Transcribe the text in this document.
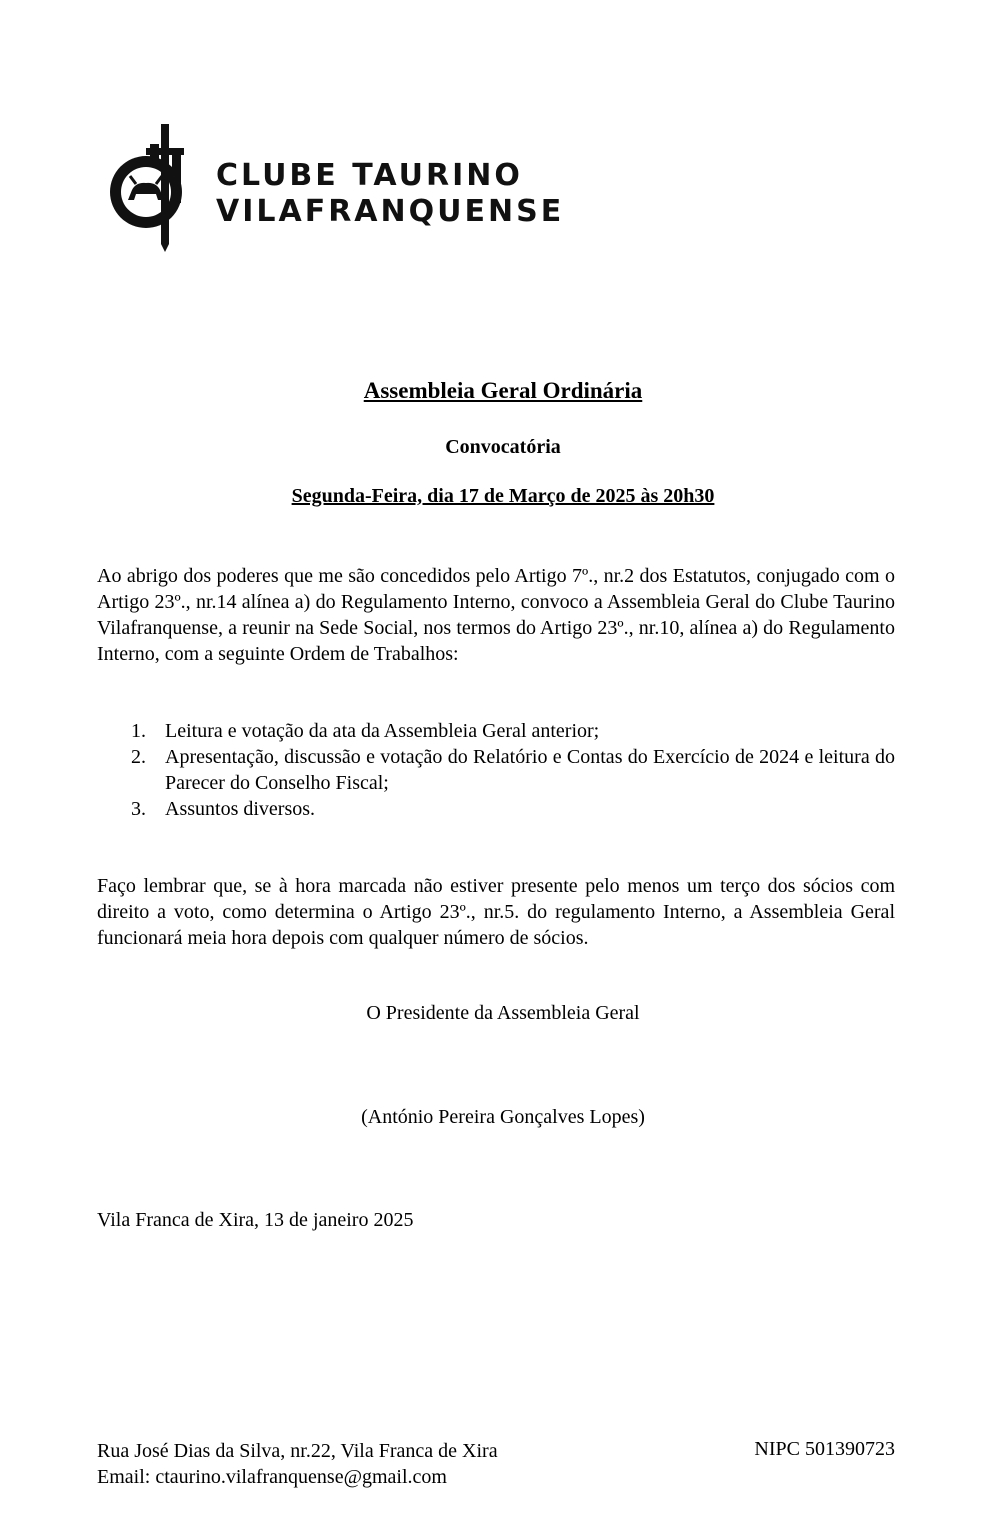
CLUBE TAURINO
VILAFRANQUENSE
Assembleia Geral Ordinária
Convocatória
Segunda-Feira, dia 17 de Março de 2025 às 20h30
Ao abrigo dos poderes que me são concedidos pelo Artigo 7º., nr.2 dos Estatutos, conjugado com o Artigo 23º., nr.14 alínea a) do Regulamento Interno, convoco a Assembleia Geral do Clube Taurino Vilafranquense, a reunir na Sede Social, nos termos do Artigo 23º., nr.10, alínea a) do Regulamento Interno, com a seguinte Ordem de Trabalhos:
1. Leitura e votação da ata da Assembleia Geral anterior;
2. Apresentação, discussão e votação do Relatório e Contas do Exercício de 2024 e leitura do Parecer do Conselho Fiscal;
3. Assuntos diversos.
Faço lembrar que, se à hora marcada não estiver presente pelo menos um terço dos sócios com direito a voto, como determina o Artigo 23º., nr.5. do regulamento Interno, a Assembleia Geral funcionará meia hora depois com qualquer número de sócios.
O Presidente da Assembleia Geral
(António Pereira Gonçalves Lopes)
Vila Franca de Xira, 13 de janeiro 2025
Rua José Dias da Silva, nr.22, Vila Franca de Xira
Email: ctaurino.vilafranquense@gmail.com
NIPC 501390723
